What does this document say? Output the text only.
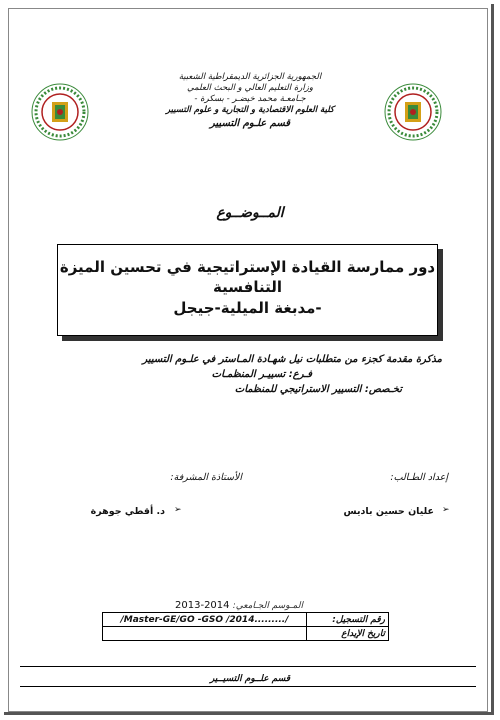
الجمهورية الجزائرية الديمقراطية الشعبية
وزارة التعليم العالي و البحث العلمي
جـامعـة محمد خيضـر - بسكرة -
كلية العلوم الاقتصادية و التجارية و علوم التسيير
قسم علـوم التسيير
المــوضــوع
دور ممارسة القيادة الإستراتيجية في تحسين الميزة
التنافسية
-مدبغة الميلية-جيجل
مذكرة مقدمة كجزء من متطلبات نيل شهـادة المـاستر في علـوم التسيير
فـرع: تسييـر المنظمـات
تخـصص: التسيير الاستراتيجي للمنظمات
إعداد الطـالب:
الأستاذة المشرفة:
➢
عليان حسين باديس
➢
د. أقطي جوهرة
المـوسم الجـامعي: 2014-2013
/Master-GE/GO -GSO /2014........./	رقم التسجيل:
	تاريخ الإيداع
قسم علــوم التسيــير
